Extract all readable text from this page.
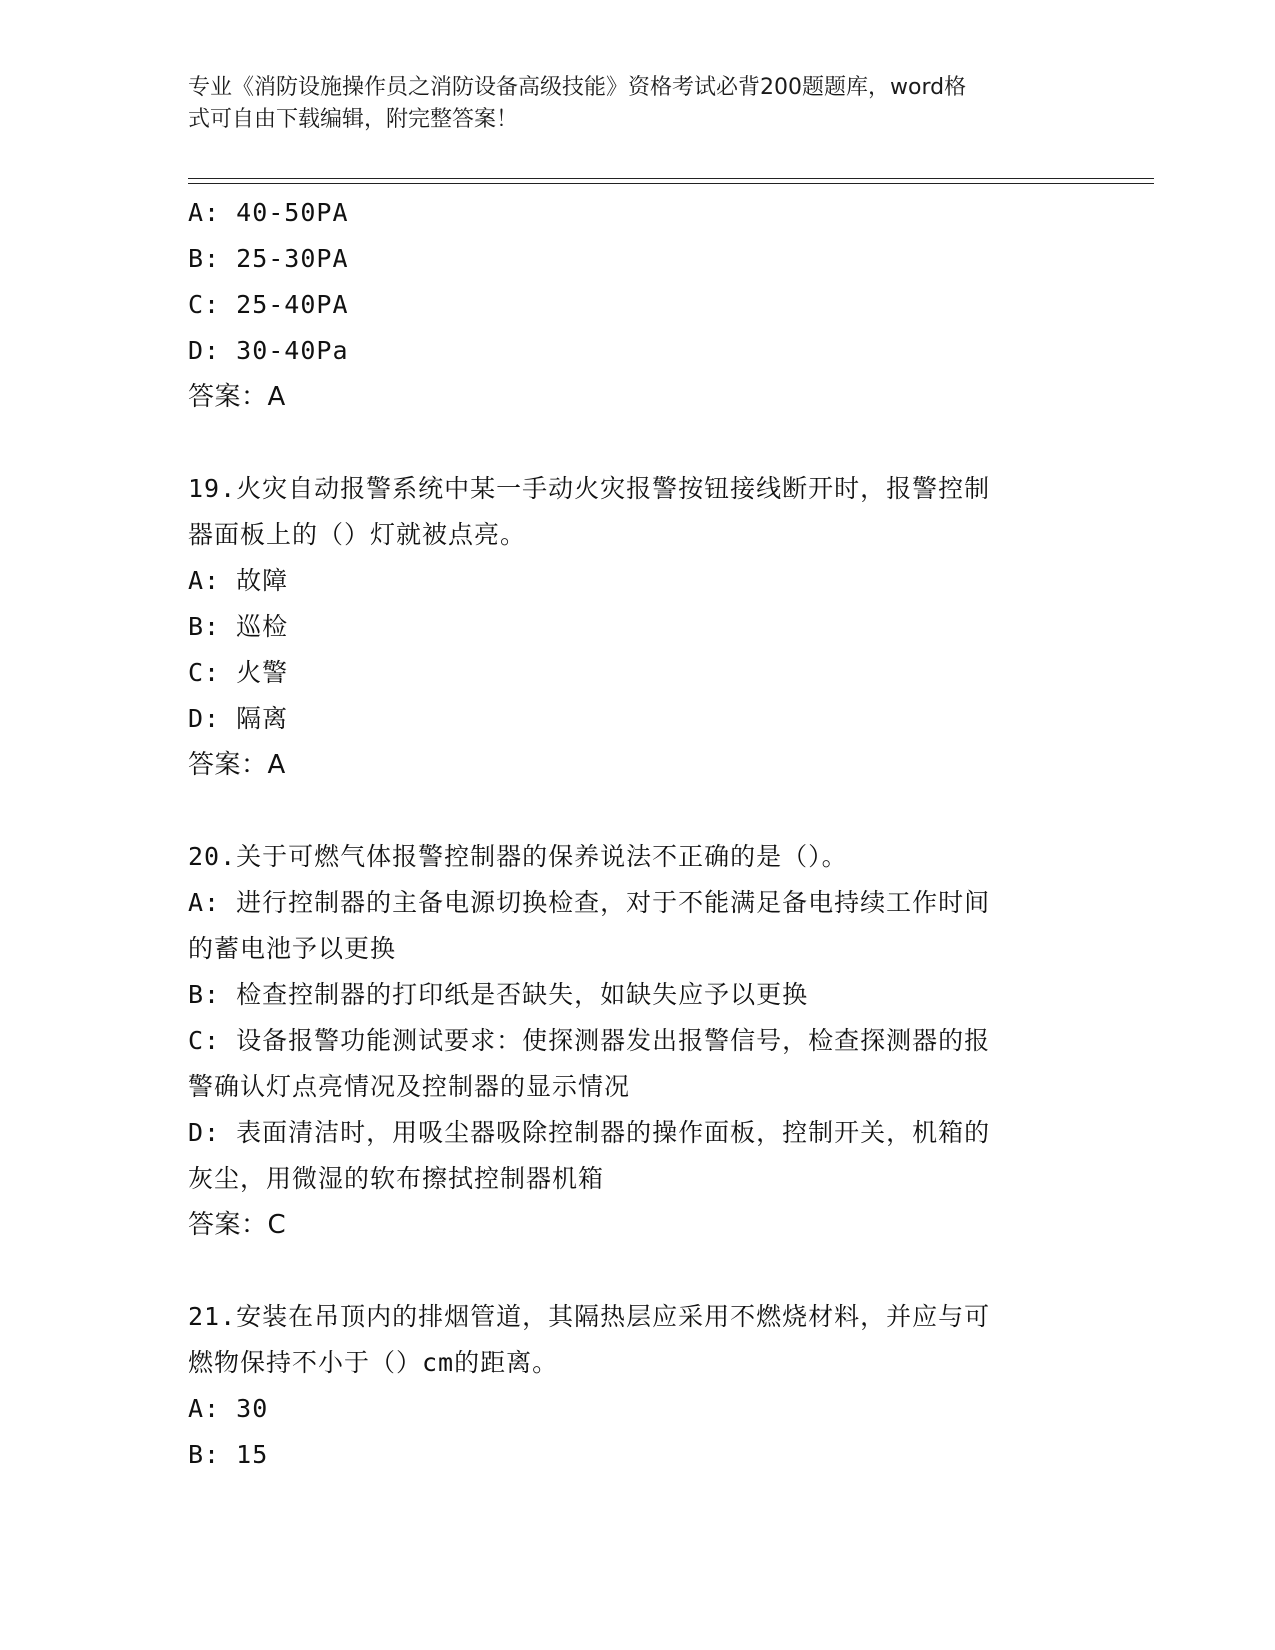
专业《消防设施操作员之消防设备高级技能》资格考试必背200题题库，word格
式可自由下载编辑，附完整答案！
A: 40-50PA
B: 25-30PA
C: 25-40PA
D: 30-40Pa
答案：A
19.火灾自动报警系统中某一手动火灾报警按钮接线断开时，报警控制
器面板上的（）灯就被点亮。
A: 故障
B: 巡检
C: 火警
D: 隔离
答案：A
20.关于可燃气体报警控制器的保养说法不正确的是（）。
A: 进行控制器的主备电源切换检查，对于不能满足备电持续工作时间
的蓄电池予以更换
B: 检查控制器的打印纸是否缺失，如缺失应予以更换
C: 设备报警功能测试要求：使探测器发出报警信号，检查探测器的报
警确认灯点亮情况及控制器的显示情况
D: 表面清洁时，用吸尘器吸除控制器的操作面板，控制开关，机箱的
灰尘，用微湿的软布擦拭控制器机箱
答案：C
21.安装在吊顶内的排烟管道，其隔热层应采用不燃烧材料，并应与可
燃物保持不小于（）cm的距离。
A: 30
B: 15
